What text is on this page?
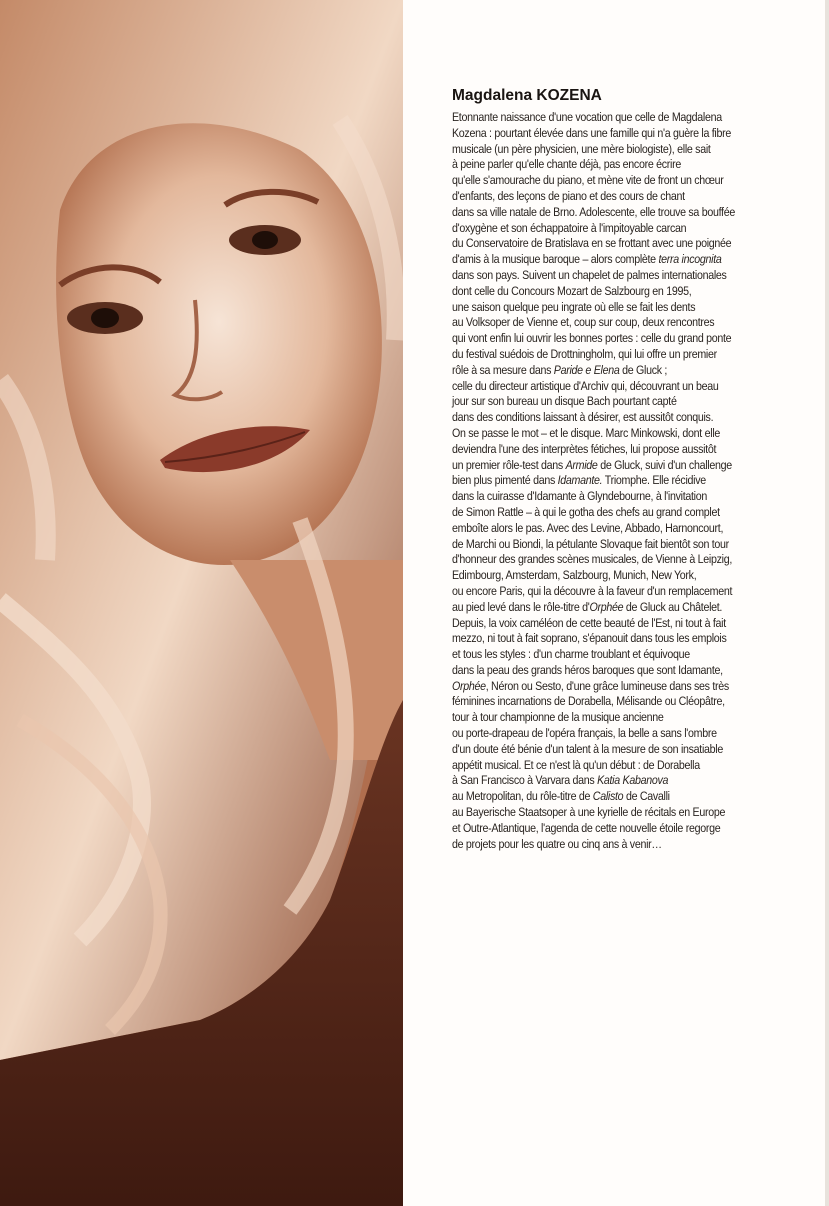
Magdalena KOZENA
Etonnante naissance d'une vocation que celle de Magdalena
Kozena : pourtant élevée dans une famille qui n'a guère la fibre
musicale (un père physicien, une mère biologiste), elle sait
à peine parler qu'elle chante déjà, pas encore écrire
qu'elle s'amourache du piano, et mène vite de front un chœur
d'enfants, des leçons de piano et des cours de chant
dans sa ville natale de Brno. Adolescente, elle trouve sa bouffée
d'oxygène et son échappatoire à l'impitoyable carcan
du Conservatoire de Bratislava en se frottant avec une poignée
d'amis à la musique baroque – alors complète terra incognita
dans son pays. Suivent un chapelet de palmes internationales
dont celle du Concours Mozart de Salzbourg en 1995,
une saison quelque peu ingrate où elle se fait les dents
au Volksoper de Vienne et, coup sur coup, deux rencontres
qui vont enfin lui ouvrir les bonnes portes : celle du grand ponte
du festival suédois de Drottningholm, qui lui offre un premier
rôle à sa mesure dans Paride e Elena de Gluck ;
celle du directeur artistique d'Archiv qui, découvrant un beau
jour sur son bureau un disque Bach pourtant capté
dans des conditions laissant à désirer, est aussitôt conquis.
On se passe le mot – et le disque. Marc Minkowski, dont elle
deviendra l'une des interprètes fétiches, lui propose aussitôt
un premier rôle-test dans Armide de Gluck, suivi d'un challenge
bien plus pimenté dans Idamante. Triomphe. Elle récidive
dans la cuirasse d'Idamante à Glyndebourne, à l'invitation
de Simon Rattle – à qui le gotha des chefs au grand complet
emboîte alors le pas. Avec des Levine, Abbado, Harnoncourt,
de Marchi ou Biondi, la pétulante Slovaque fait bientôt son tour
d'honneur des grandes scènes musicales, de Vienne à Leipzig,
Edimbourg, Amsterdam, Salzbourg, Munich, New York,
ou encore Paris, qui la découvre à la faveur d'un remplacement
au pied levé dans le rôle-titre d'Orphée de Gluck au Châtelet.
Depuis, la voix caméléon de cette beauté de l'Est, ni tout à fait
mezzo, ni tout à fait soprano, s'épanouit dans tous les emplois
et tous les styles : d'un charme troublant et équivoque
dans la peau des grands héros baroques que sont Idamante,
Orphée, Néron ou Sesto, d'une grâce lumineuse dans ses très
féminines incarnations de Dorabella, Mélisande ou Cléopâtre,
tour à tour championne de la musique ancienne
ou porte-drapeau de l'opéra français, la belle a sans l'ombre
d'un doute été bénie d'un talent à la mesure de son insatiable
appétit musical. Et ce n'est là qu'un début : de Dorabella
à San Francisco à Varvara dans Katia Kabanova
au Metropolitan, du rôle-titre de Calisto de Cavalli
au Bayerische Staatsoper à une kyrielle de récitals en Europe
et Outre-Atlantique, l'agenda de cette nouvelle étoile regorge
de projets pour les quatre ou cinq ans à venir…
